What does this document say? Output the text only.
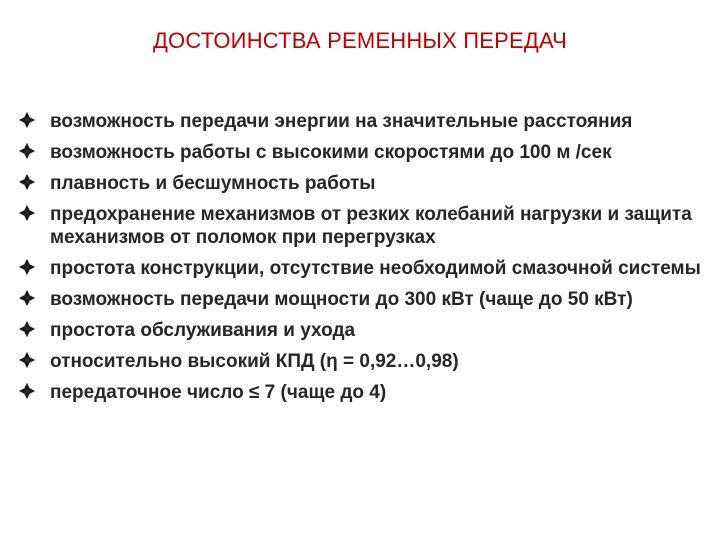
ДОСТОИНСТВА РЕМЕННЫХ ПЕРЕДАЧ
возможность передачи энергии на значительные расстояния
возможность работы с высокими скоростями до 100 м /сек
плавность и бесшумность работы
предохранение механизмов от резких колебаний нагрузки и защита механизмов от поломок при перегрузках
простота конструкции, отсутствие необходимой смазочной системы
возможность передачи мощности до 300 кВт (чаще до 50 кВт)
простота обслуживания и ухода
относительно высокий КПД (η = 0,92…0,98)
передаточное число ≤ 7 (чаще до 4)
